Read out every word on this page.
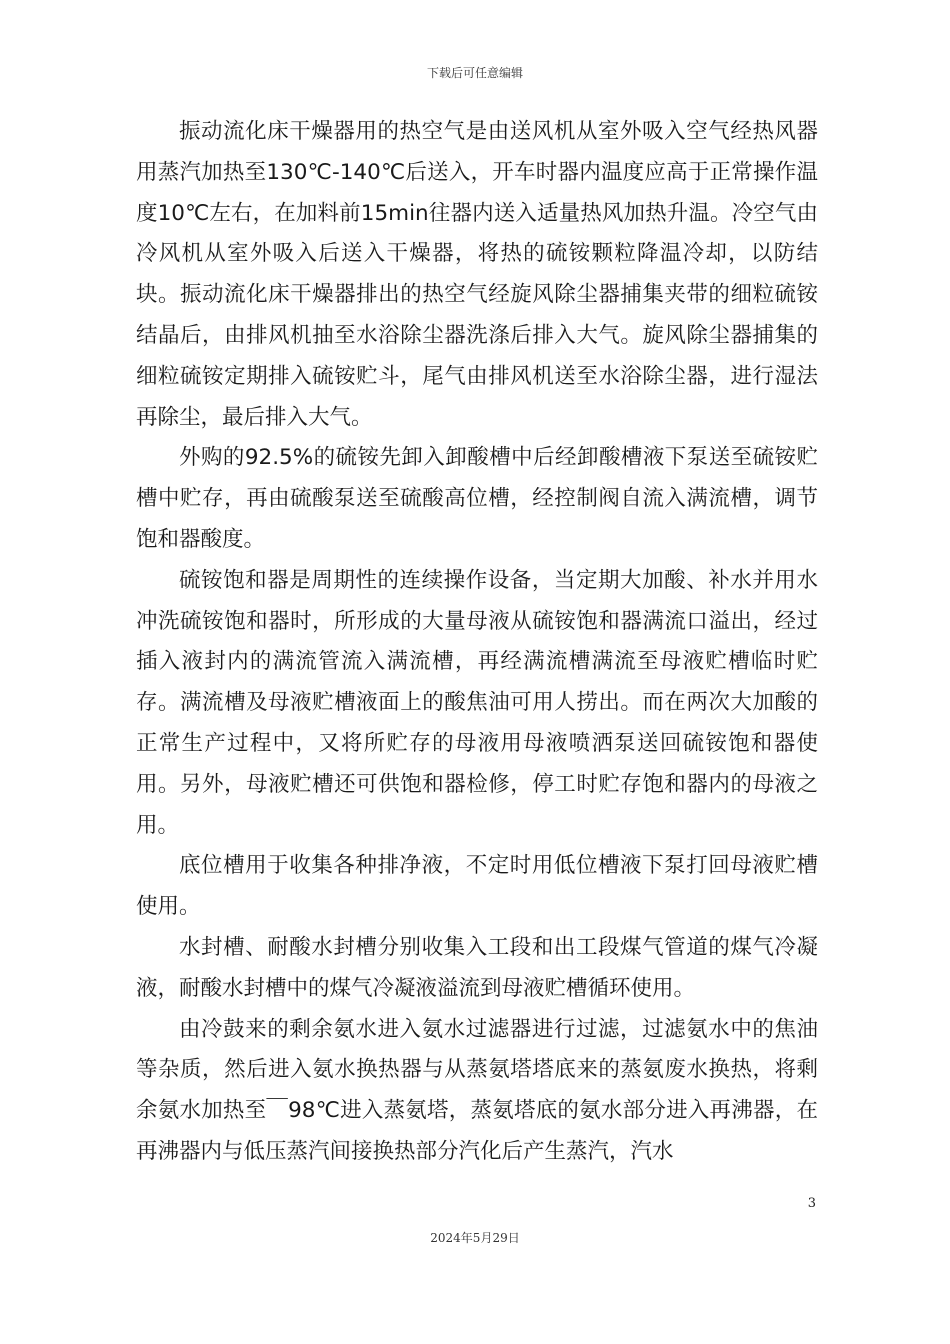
下载后可任意编辑

振动流化床干燥器用的热空气是由送风机从室外吸入空气经热风器用蒸汽加热至130℃-140℃后送入，开车时器内温度应高于正常操作温度10℃左右，在加料前15min往器内送入适量热风加热升温。冷空气由冷风机从室外吸入后送入干燥器，将热的硫铵颗粒降温冷却，以防结块。振动流化床干燥器排出的热空气经旋风除尘器捕集夹带的细粒硫铵结晶后，由排风机抽至水浴除尘器洗涤后排入大气。旋风除尘器捕集的细粒硫铵定期排入硫铵贮斗，尾气由排风机送至水浴除尘器，进行湿法再除尘，最后排入大气。

外购的92.5%的硫铵先卸入卸酸槽中后经卸酸槽液下泵送至硫铵贮槽中贮存，再由硫酸泵送至硫酸高位槽，经控制阀自流入满流槽，调节饱和器酸度。

硫铵饱和器是周期性的连续操作设备，当定期大加酸、补水并用水冲洗硫铵饱和器时，所形成的大量母液从硫铵饱和器满流口溢出，经过插入液封内的满流管流入满流槽，再经满流槽满流至母液贮槽临时贮存。满流槽及母液贮槽液面上的酸焦油可用人捞出。而在两次大加酸的正常生产过程中，又将所贮存的母液用母液喷洒泵送回硫铵饱和器使用。另外，母液贮槽还可供饱和器检修，停工时贮存饱和器内的母液之用。

底位槽用于收集各种排净液，不定时用低位槽液下泵打回母液贮槽使用。

水封槽、耐酸水封槽分别收集入工段和出工段煤气管道的煤气冷凝液，耐酸水封槽中的煤气冷凝液溢流到母液贮槽循环使用。

由冷鼓来的剩余氨水进入氨水过滤器进行过滤，过滤氨水中的焦油等杂质，然后进入氨水换热器与从蒸氨塔塔底来的蒸氨废水换热，将剩余氨水加热至￣98℃进入蒸氨塔，蒸氨塔底的氨水部分进入再沸器，在再沸器内与低压蒸汽间接换热部分汽化后产生蒸汽，汽水

3
2024年5月29日
